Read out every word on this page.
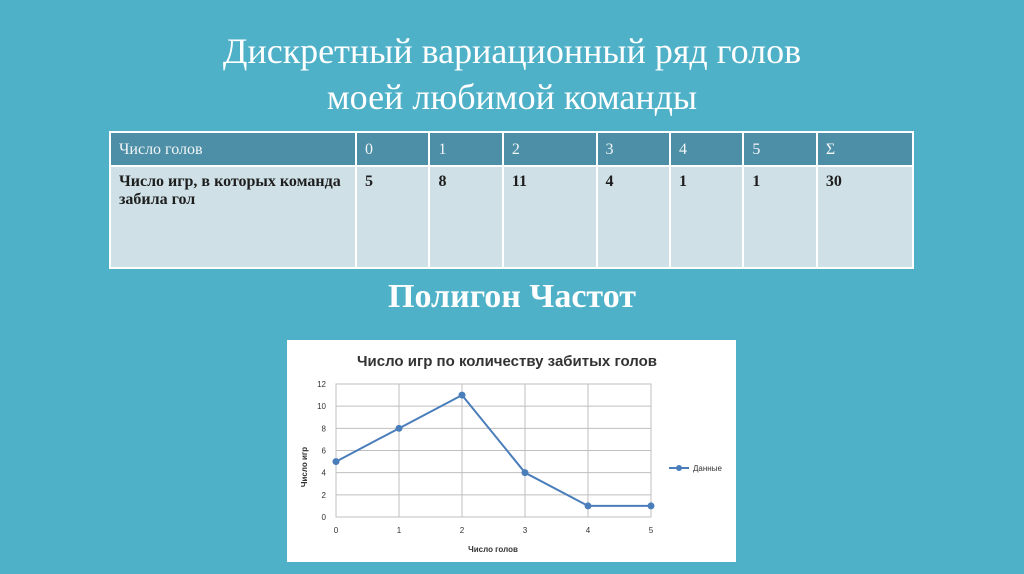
Дискретный вариационный ряд голов
моей любимой команды
Число голов	0	1	2	3	4	5	Σ
Число игр, в которых команда забила гол	5	8	11	4	1	1	30
Полигон Частот
Число игр по количеству забитых голов
0
2
4
6
8
10
12
0	1	2	3	4	5
Число голов
Число игр	Данные
